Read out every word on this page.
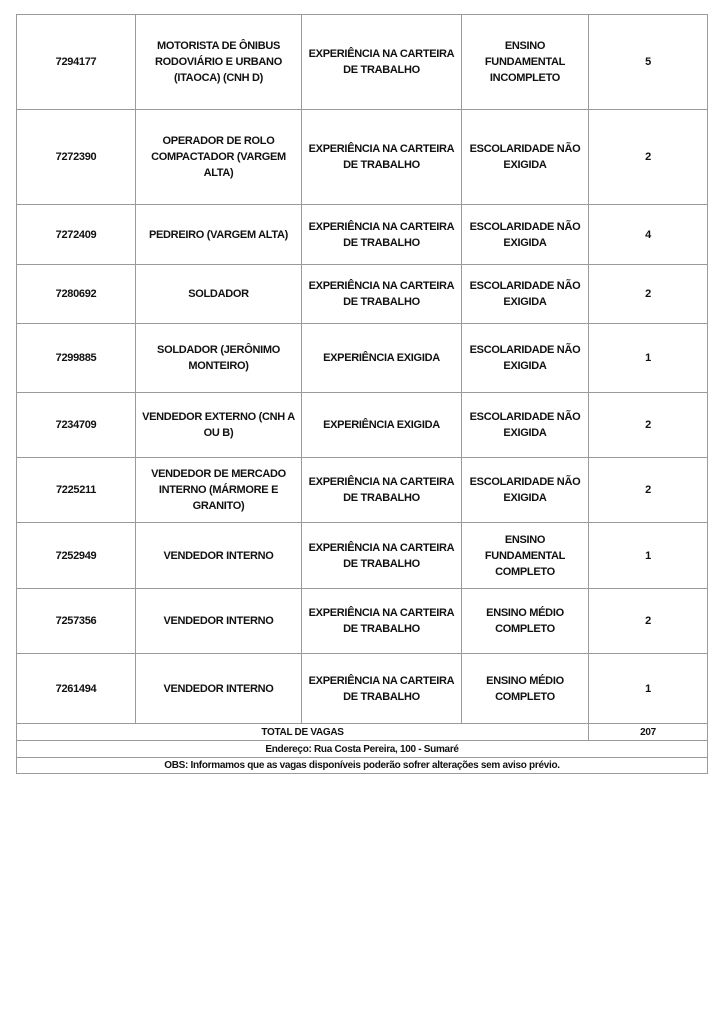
7294177	MOTORISTA DE ÔNIBUS RODOVIÁRIO E URBANO (ITAOCA) (CNH D)	EXPERIÊNCIA NA CARTEIRA DE TRABALHO	ENSINO FUNDAMENTAL INCOMPLETO	5
7272390	OPERADOR DE ROLO COMPACTADOR (VARGEM ALTA)	EXPERIÊNCIA NA CARTEIRA DE TRABALHO	ESCOLARIDADE NÃO EXIGIDA	2
7272409	PEDREIRO (VARGEM ALTA)	EXPERIÊNCIA NA CARTEIRA DE TRABALHO	ESCOLARIDADE NÃO EXIGIDA	4
7280692	SOLDADOR	EXPERIÊNCIA NA CARTEIRA DE TRABALHO	ESCOLARIDADE NÃO EXIGIDA	2
7299885	SOLDADOR (JERÔNIMO MONTEIRO)	EXPERIÊNCIA EXIGIDA	ESCOLARIDADE NÃO EXIGIDA	1
7234709	VENDEDOR EXTERNO (CNH A OU B)	EXPERIÊNCIA EXIGIDA	ESCOLARIDADE NÃO EXIGIDA	2
7225211	VENDEDOR DE MERCADO INTERNO (MÁRMORE E GRANITO)	EXPERIÊNCIA NA CARTEIRA DE TRABALHO	ESCOLARIDADE NÃO EXIGIDA	2
7252949	VENDEDOR INTERNO	EXPERIÊNCIA NA CARTEIRA DE TRABALHO	ENSINO FUNDAMENTAL COMPLETO	1
7257356	VENDEDOR INTERNO	EXPERIÊNCIA NA CARTEIRA DE TRABALHO	ENSINO MÉDIO COMPLETO	2
7261494	VENDEDOR INTERNO	EXPERIÊNCIA NA CARTEIRA DE TRABALHO	ENSINO MÉDIO COMPLETO	1
TOTAL DE VAGAS				207
Endereço: Rua Costa Pereira, 100 - Sumaré				
OBS: Informamos que as vagas disponíveis poderão sofrer alterações sem aviso prévio.				
